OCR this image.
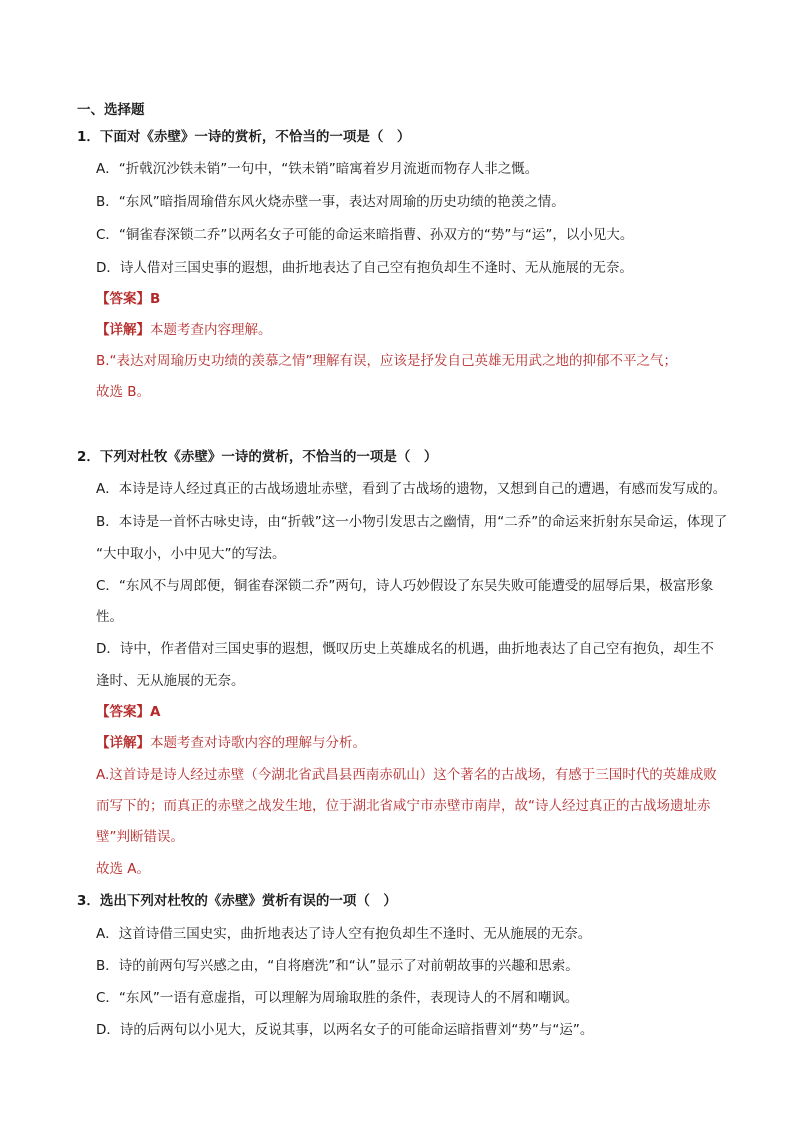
一、选择题
1．下面对《赤壁》一诗的赏析，不恰当的一项是（　）
A．“折戟沉沙铁未销”一句中，“铁未销”暗寓着岁月流逝而物存人非之慨。
B．“东风”暗指周瑜借东风火烧赤壁一事，表达对周瑜的历史功绩的艳羡之情。
C．“铜雀春深锁二乔”以两名女子可能的命运来暗指曹、孙双方的“势”与“运”，以小见大。
D．诗人借对三国史事的遐想，曲折地表达了自己空有抱负却生不逢时、无从施展的无奈。
【答案】B
【详解】本题考查内容理解。
B.“表达对周瑜历史功绩的羡慕之情”理解有误，应该是抒发自己英雄无用武之地的抑郁不平之气；
故选 B。
2．下列对杜牧《赤壁》一诗的赏析，不恰当的一项是（　）
A．本诗是诗人经过真正的古战场遗址赤壁，看到了古战场的遗物，又想到自己的遭遇，有感而发写成的。
B．本诗是一首怀古咏史诗，由“折戟”这一小物引发思古之幽情，用“二乔”的命运来折射东吴命运，体现了
“大中取小，小中见大”的写法。
C．“东风不与周郎便，铜雀春深锁二乔”两句，诗人巧妙假设了东吴失败可能遭受的屈辱后果，极富形象
性。
D．诗中，作者借对三国史事的遐想，慨叹历史上英雄成名的机遇，曲折地表达了自己空有抱负，却生不
逢时、无从施展的无奈。
【答案】A
【详解】本题考查对诗歌内容的理解与分析。
A.这首诗是诗人经过赤壁（今湖北省武昌县西南赤矶山）这个著名的古战场，有感于三国时代的英雄成败
而写下的；而真正的赤壁之战发生地，位于湖北省咸宁市赤壁市南岸，故“诗人经过真正的古战场遗址赤
壁”判断错误。
故选 A。
3．选出下列对杜牧的《赤壁》赏析有误的一项（　）
A．这首诗借三国史实，曲折地表达了诗人空有抱负却生不逢时、无从施展的无奈。
B．诗的前两句写兴感之由，“自将磨洗”和“认”显示了对前朝故事的兴趣和思索。
C．“东风”一语有意虚指，可以理解为周瑜取胜的条件，表现诗人的不屑和嘲讽。
D．诗的后两句以小见大，反说其事，以两名女子的可能命运暗指曹刘“势”与“运”。
